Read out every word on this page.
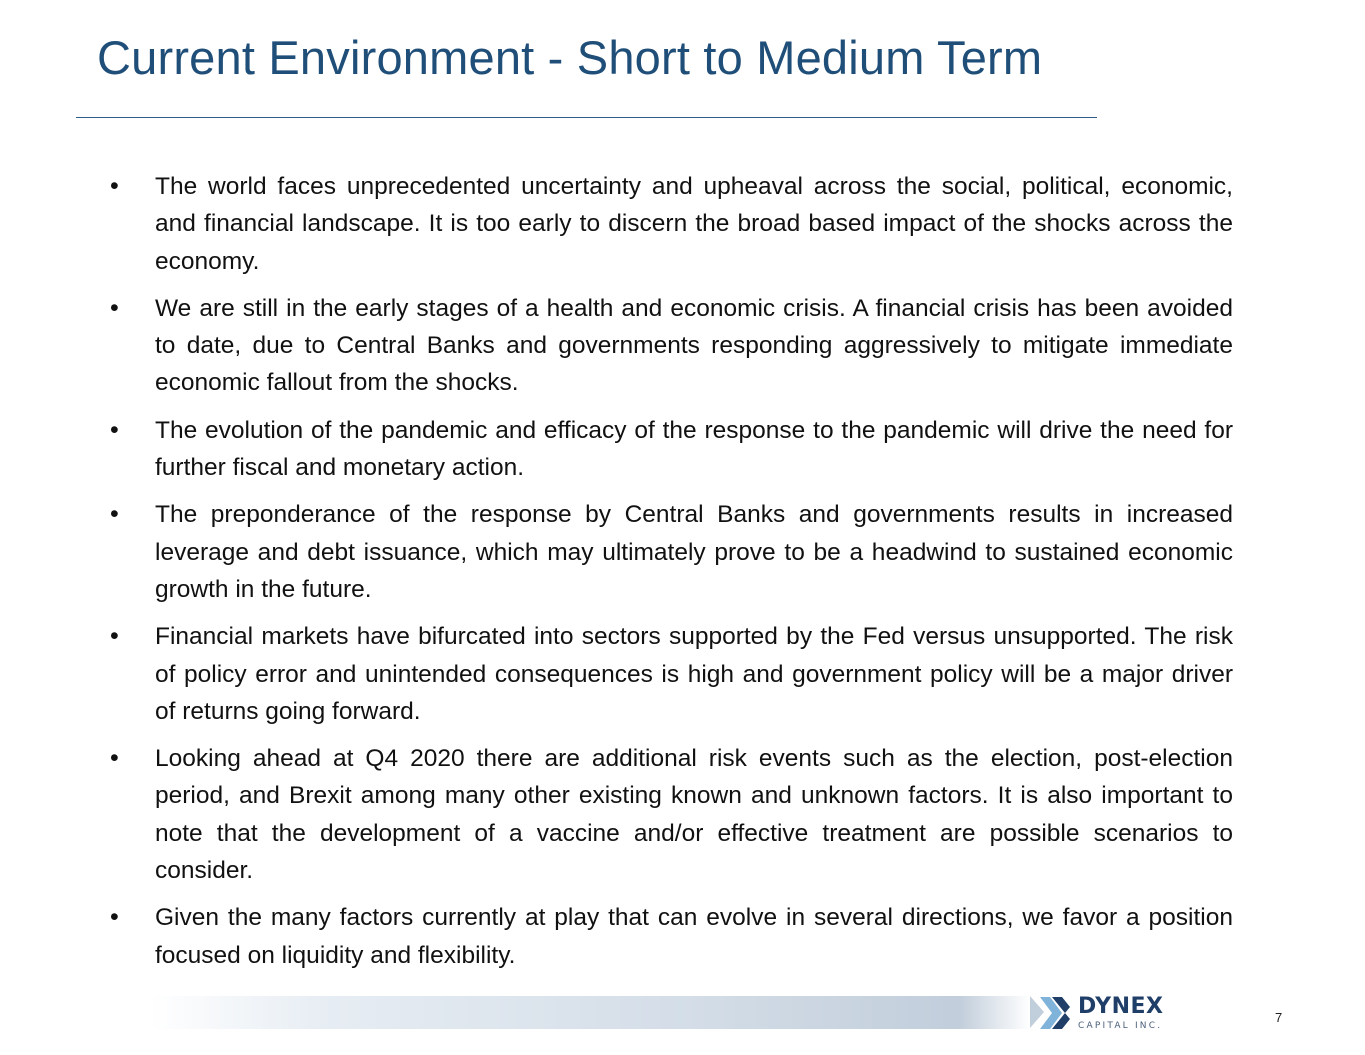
Current Environment - Short to Medium Term
•	The world faces unprecedented uncertainty and upheaval across the social, political, economic, and financial landscape. It is too early to discern the broad based impact of the shocks across the economy.
•	We are still in the early stages of a health and economic crisis. A financial crisis has been avoided to date, due to Central Banks and governments responding aggressively to mitigate immediate economic fallout from the shocks.
•	The evolution of the pandemic and efficacy of the response to the pandemic will drive the need for further fiscal and monetary action.
•	The preponderance of the response by Central Banks and governments results in increased leverage and debt issuance, which may ultimately prove to be a headwind to sustained economic growth in the future.
•	Financial markets have bifurcated into sectors supported by the Fed versus unsupported. The risk of policy error and unintended consequences is high and government policy will be a major driver of returns going forward.
•	Looking ahead at Q4 2020 there are additional risk events such as the election, post-election period, and Brexit among many other existing known and unknown factors. It is also important to note that the development of a vaccine and/or effective treatment are possible scenarios to consider.
•	Given the many factors currently at play that can evolve in several directions, we favor a position focused on liquidity and flexibility.
DYNEX
CAPITAL INC.
7
